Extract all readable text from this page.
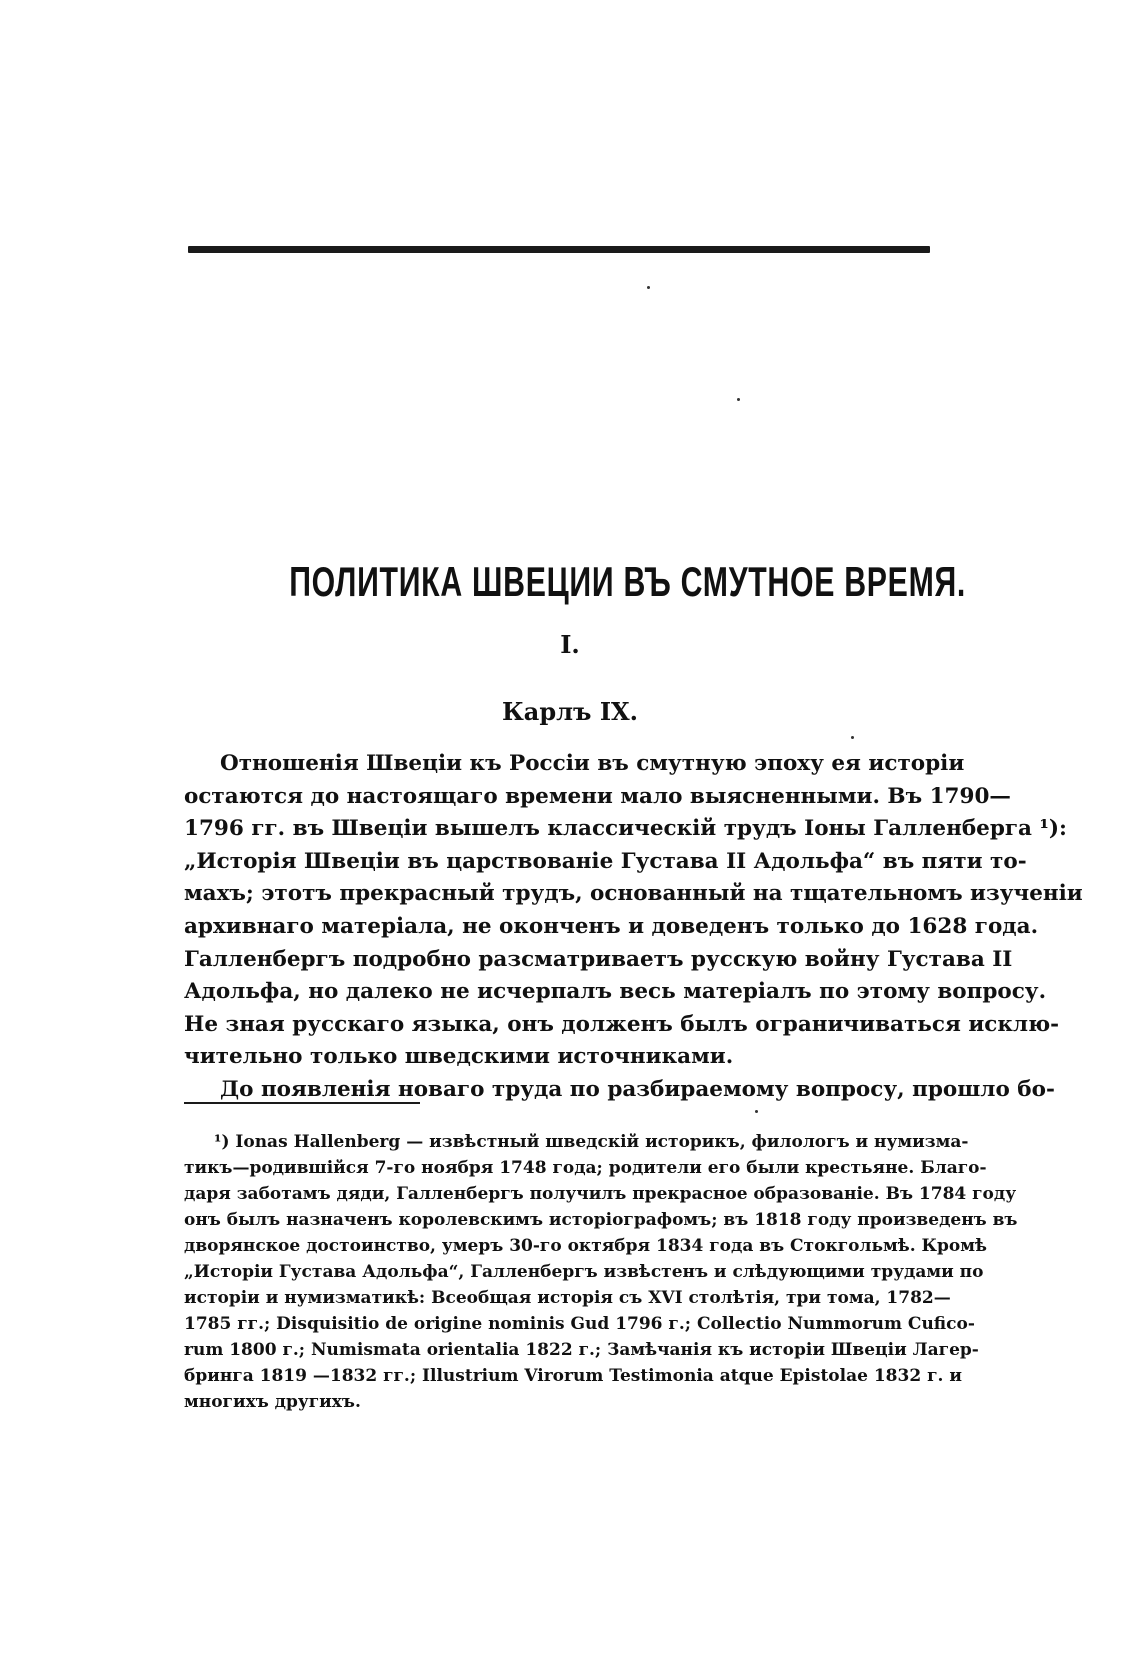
ПОЛИТИКА ШВЕЦИИ ВЪ СМУТНОЕ ВРЕМЯ.
I.
Карлъ IX.
Отношенія Швеціи къ Россіи въ смутную эпоху ея исторіи
остаются до настоящаго времени мало выясненными. Въ 1790—
1796 гг. въ Швеціи вышелъ классическій трудъ Іоны Галленберга ¹):
„Исторія Швеціи въ царствованіе Густава II Адольфа“ въ пяти то-
махъ; этотъ прекрасный трудъ, основанный на тщательномъ изученіи
архивнаго матеріала, не оконченъ и доведенъ только до 1628 года.
Галленбергъ подробно разсматриваетъ русскую войну Густава II
Адольфа, но далеко не исчерпалъ весь матеріалъ по этому вопросу.
Не зная русскаго языка, онъ долженъ былъ ограничиваться исклю-
чительно только шведскими источниками.
До появленія новаго труда по разбираемому вопросу, прошло бо-
¹) Ionas Hallenberg — извѣстный шведскій историкъ, филологъ и нумизма-
тикъ—родившійся 7-го ноября 1748 года; родители его были крестьяне. Благо-
даря заботамъ дяди, Галленбергъ получилъ прекрасное образованіе. Въ 1784 году
онъ былъ назначенъ королевскимъ исторіографомъ; въ 1818 году произведенъ въ
дворянское достоинство, умеръ 30-го октября 1834 года въ Стокгольмѣ. Кромѣ
„Исторіи Густава Адольфа“, Галленбергъ извѣстенъ и слѣдующими трудами по
исторіи и нумизматикѣ: Всеобщая исторія съ XVI столѣтія, три тома, 1782—
1785 гг.; Disquisitio de origine nominis Gud 1796 г.; Collectio Nummorum Cufico-
rum 1800 г.; Numismata orientalia 1822 г.; Замѣчанія къ исторіи Швеціи Лагер-
бринга 1819 —1832 гг.; Illustrium Virorum Testimonia atque Epistolae 1832 г. и
многихъ другихъ.
